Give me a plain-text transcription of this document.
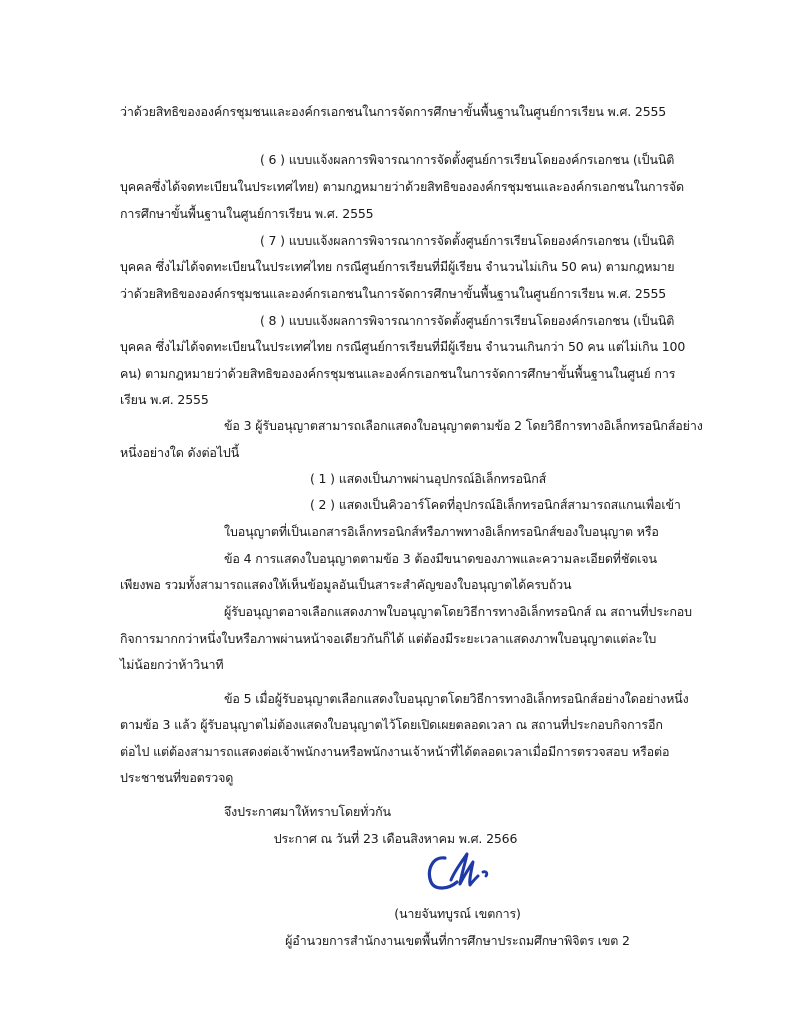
ว่าด้วยสิทธิขององค์กรชุมชนและองค์กรเอกชนในการจัดการศึกษาขั้นพื้นฐานในศูนย์การเรียน พ.ศ. 2555
( 6 ) แบบแจ้งผลการพิจารณาการจัดตั้งศูนย์การเรียนโดยองค์กรเอกชน (เป็นนิติ
บุคคลซึ่งได้จดทะเบียนในประเทศไทย) ตามกฎหมายว่าด้วยสิทธิขององค์กรชุมชนและองค์กรเอกชนในการจัด
การศึกษาขั้นพื้นฐานในศูนย์การเรียน พ.ศ. 2555
( 7 ) แบบแจ้งผลการพิจารณาการจัดตั้งศูนย์การเรียนโดยองค์กรเอกชน (เป็นนิติ
บุคคล ซึ่งไม่ได้จดทะเบียนในประเทศไทย กรณีศูนย์การเรียนที่มีผู้เรียน จำนวนไม่เกิน 50 คน) ตามกฎหมาย
ว่าด้วยสิทธิขององค์กรชุมชนและองค์กรเอกชนในการจัดการศึกษาขั้นพื้นฐานในศูนย์การเรียน พ.ศ. 2555
( 8 ) แบบแจ้งผลการพิจารณาการจัดตั้งศูนย์การเรียนโดยองค์กรเอกชน (เป็นนิติ
บุคคล ซึ่งไม่ได้จดทะเบียนในประเทศไทย กรณีศูนย์การเรียนที่มีผู้เรียน จำนวนเกินกว่า 50 คน แต่ไม่เกิน 100
คน) ตามกฎหมายว่าด้วยสิทธิขององค์กรชุมชนและองค์กรเอกชนในการจัดการศึกษาขั้นพื้นฐานในศูนย์ การ
เรียน พ.ศ. 2555
ข้อ 3 ผู้รับอนุญาตสามารถเลือกแสดงใบอนุญาตตามข้อ 2 โดยวิธีการทางอิเล็กทรอนิกส์อย่าง
หนึ่งอย่างใด ดังต่อไปนี้
( 1 ) แสดงเป็นภาพผ่านอุปกรณ์อิเล็กทรอนิกส์
( 2 ) แสดงเป็นคิวอาร์โคดที่อุปกรณ์อิเล็กทรอนิกส์สามารถสแกนเพื่อเข้า
ใบอนุญาตที่เป็นเอกสารอิเล็กทรอนิกส์หรือภาพทางอิเล็กทรอนิกส์ของใบอนุญาต หรือ
ข้อ 4 การแสดงใบอนุญาตตามข้อ 3 ต้องมีขนาดของภาพและความละเอียดที่ชัดเจน
เพียงพอ รวมทั้งสามารถแสดงให้เห็นข้อมูลอันเป็นสาระสำคัญของใบอนุญาตได้ครบถ้วน
ผู้รับอนุญาตอาจเลือกแสดงภาพใบอนุญาตโดยวิธีการทางอิเล็กทรอนิกส์ ณ สถานที่ประกอบ
กิจการมากกว่าหนึ่งใบหรือภาพผ่านหน้าจอเดียวกันก็ได้ แต่ต้องมีระยะเวลาแสดงภาพใบอนุญาตแต่ละใบ
ไม่น้อยกว่าห้าวินาที
ข้อ 5 เมื่อผู้รับอนุญาตเลือกแสดงใบอนุญาตโดยวิธีการทางอิเล็กทรอนิกส์อย่างใดอย่างหนึ่ง
ตามข้อ 3 แล้ว ผู้รับอนุญาตไม่ต้องแสดงใบอนุญาตไว้โดยเปิดเผยตลอดเวลา ณ สถานที่ประกอบกิจการอีก
ต่อไป แต่ต้องสามารถแสดงต่อเจ้าพนักงานหรือพนักงานเจ้าหน้าที่ได้ตลอดเวลาเมื่อมีการตรวจสอบ หรือต่อ
ประชาชนที่ขอตรวจดู
จึงประกาศมาให้ทราบโดยทั่วกัน
ประกาศ ณ วันที่ 23 เดือนสิงหาคม พ.ศ. 2566
(นายจันทบูรณ์ เขตการ)
ผู้อำนวยการสำนักงานเขตพื้นที่การศึกษาประถมศึกษาพิจิตร เขต 2
